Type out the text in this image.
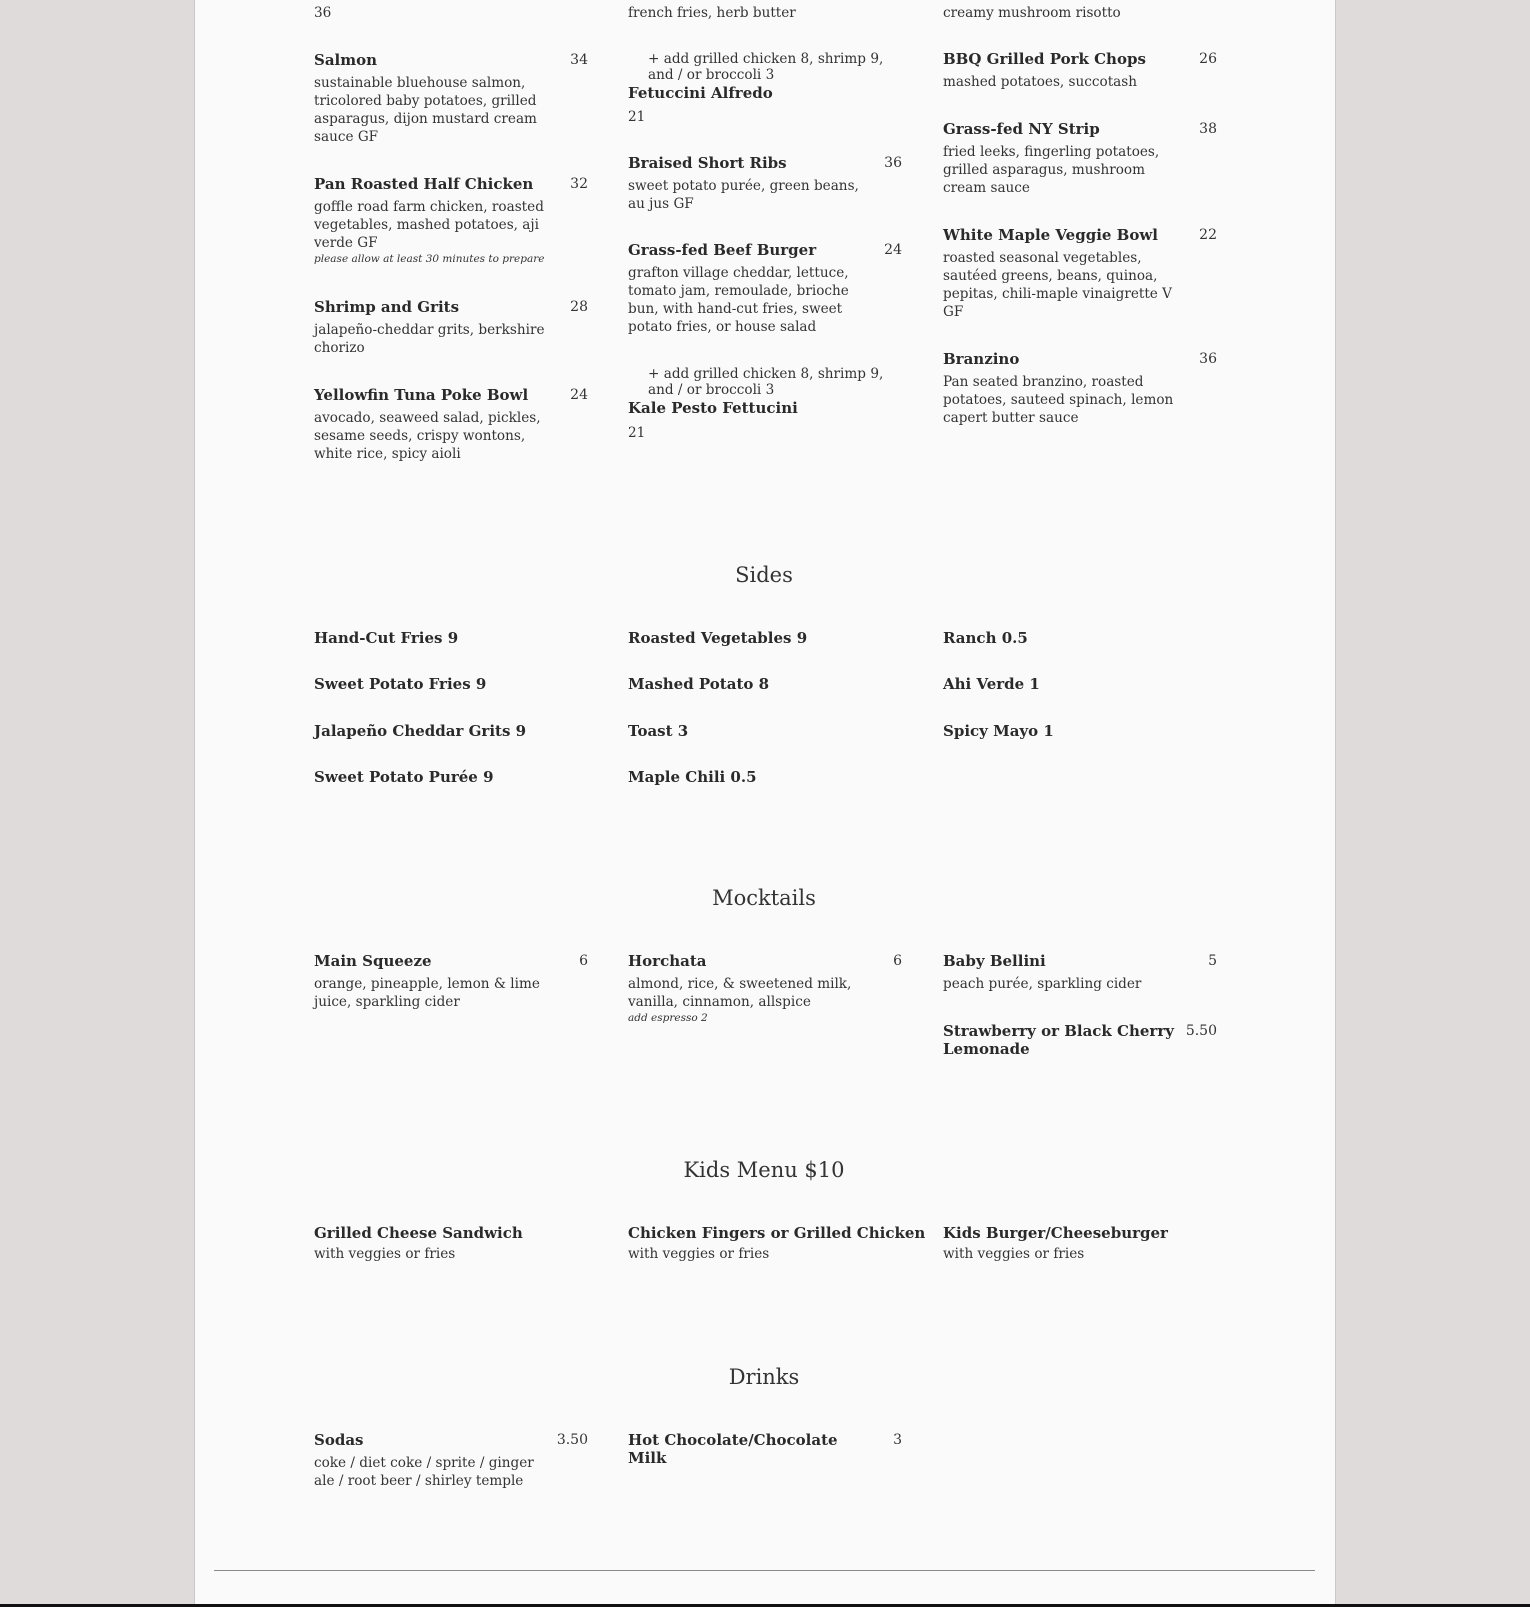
36
Salmon	34
sustainable bluehouse salmon, tricolored baby potatoes, grilled asparagus, dijon mustard cream sauce GF
Pan Roasted Half Chicken	32
goffle road farm chicken, roasted vegetables, mashed potatoes, aji verde GF
please allow at least 30 minutes to prepare
Shrimp and Grits	28
jalapeño-cheddar grits, berkshire chorizo
Yellowfin Tuna Poke Bowl	24
avocado, seaweed salad, pickles, sesame seeds, crispy wontons, white rice, spicy aioli
french fries, herb butter
+ add grilled chicken 8, shrimp 9, and / or broccoli 3
Fetuccini Alfredo
21
Braised Short Ribs	36
sweet potato purée, green beans, au jus GF
Grass-fed Beef Burger	24
grafton village cheddar, lettuce, tomato jam, remoulade, brioche bun, with hand-cut fries, sweet potato fries, or house salad
+ add grilled chicken 8, shrimp 9, and / or broccoli 3
Kale Pesto Fettucini
21
creamy mushroom risotto
BBQ Grilled Pork Chops	26
mashed potatoes, succotash
Grass-fed NY Strip	38
fried leeks, fingerling potatoes, grilled asparagus, mushroom cream sauce
White Maple Veggie Bowl	22
roasted seasonal vegetables, sautéed greens, beans, quinoa, pepitas, chili-maple vinaigrette V GF
Branzino	36
Pan seated branzino, roasted potatoes, sauteed spinach, lemon capert butter sauce
Sides
Hand-Cut Fries 9
Sweet Potato Fries 9
Jalapeño Cheddar Grits 9
Sweet Potato Purée 9
Roasted Vegetables 9
Mashed Potato 8
Toast 3
Maple Chili 0.5
Ranch 0.5
Ahi Verde 1
Spicy Mayo 1
Mocktails
Main Squeeze	6
orange, pineapple, lemon & lime juice, sparkling cider
Horchata	6
almond, rice, & sweetened milk, vanilla, cinnamon, allspice
add espresso 2
Baby Bellini	5
peach purée, sparkling cider
Strawberry or Black Cherry Lemonade
5.50
Kids Menu $10
Grilled Cheese Sandwich
with veggies or fries
Chicken Fingers or Grilled Chicken
with veggies or fries
Kids Burger/Cheeseburger
with veggies or fries
Drinks
Sodas	3.50
coke / diet coke / sprite / ginger ale / root beer / shirley temple
Hot Chocolate/Chocolate Milk
3
